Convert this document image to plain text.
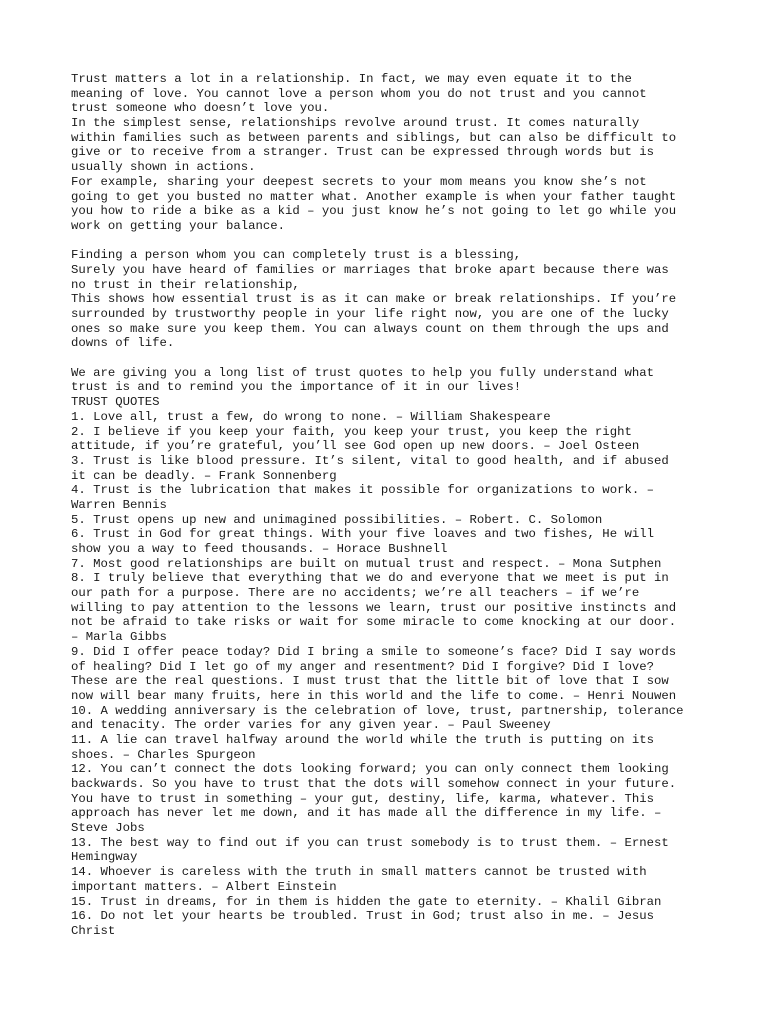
Trust matters a lot in a relationship. In fact, we may even equate it to the
meaning of love. You cannot love a person whom you do not trust and you cannot
trust someone who doesn’t love you.
In the simplest sense, relationships revolve around trust. It comes naturally
within families such as between parents and siblings, but can also be difficult to
give or to receive from a stranger. Trust can be expressed through words but is
usually shown in actions.
For example, sharing your deepest secrets to your mom means you know she’s not
going to get you busted no matter what. Another example is when your father taught
you how to ride a bike as a kid – you just know he’s not going to let go while you
work on getting your balance.
Finding a person whom you can completely trust is a blessing,
Surely you have heard of families or marriages that broke apart because there was
no trust in their relationship,
This shows how essential trust is as it can make or break relationships. If you’re
surrounded by trustworthy people in your life right now, you are one of the lucky
ones so make sure you keep them. You can always count on them through the ups and
downs of life.
We are giving you a long list of trust quotes to help you fully understand what
trust is and to remind you the importance of it in our lives!
TRUST QUOTES
1. Love all, trust a few, do wrong to none. – William Shakespeare
2. I believe if you keep your faith, you keep your trust, you keep the right
attitude, if you’re grateful, you’ll see God open up new doors. – Joel Osteen
3. Trust is like blood pressure. It’s silent, vital to good health, and if abused
it can be deadly. – Frank Sonnenberg
4. Trust is the lubrication that makes it possible for organizations to work. –
Warren Bennis
5. Trust opens up new and unimagined possibilities. – Robert. C. Solomon
6. Trust in God for great things. With your five loaves and two fishes, He will
show you a way to feed thousands. – Horace Bushnell
7. Most good relationships are built on mutual trust and respect. – Mona Sutphen
8. I truly believe that everything that we do and everyone that we meet is put in
our path for a purpose. There are no accidents; we’re all teachers – if we’re
willing to pay attention to the lessons we learn, trust our positive instincts and
not be afraid to take risks or wait for some miracle to come knocking at our door.
– Marla Gibbs
9. Did I offer peace today? Did I bring a smile to someone’s face? Did I say words
of healing? Did I let go of my anger and resentment? Did I forgive? Did I love?
These are the real questions. I must trust that the little bit of love that I sow
now will bear many fruits, here in this world and the life to come. – Henri Nouwen
10. A wedding anniversary is the celebration of love, trust, partnership, tolerance
and tenacity. The order varies for any given year. – Paul Sweeney
11. A lie can travel halfway around the world while the truth is putting on its
shoes. – Charles Spurgeon
12. You can’t connect the dots looking forward; you can only connect them looking
backwards. So you have to trust that the dots will somehow connect in your future.
You have to trust in something – your gut, destiny, life, karma, whatever. This
approach has never let me down, and it has made all the difference in my life. –
Steve Jobs
13. The best way to find out if you can trust somebody is to trust them. – Ernest
Hemingway
14. Whoever is careless with the truth in small matters cannot be trusted with
important matters. – Albert Einstein
15. Trust in dreams, for in them is hidden the gate to eternity. – Khalil Gibran
16. Do not let your hearts be troubled. Trust in God; trust also in me. – Jesus
Christ
